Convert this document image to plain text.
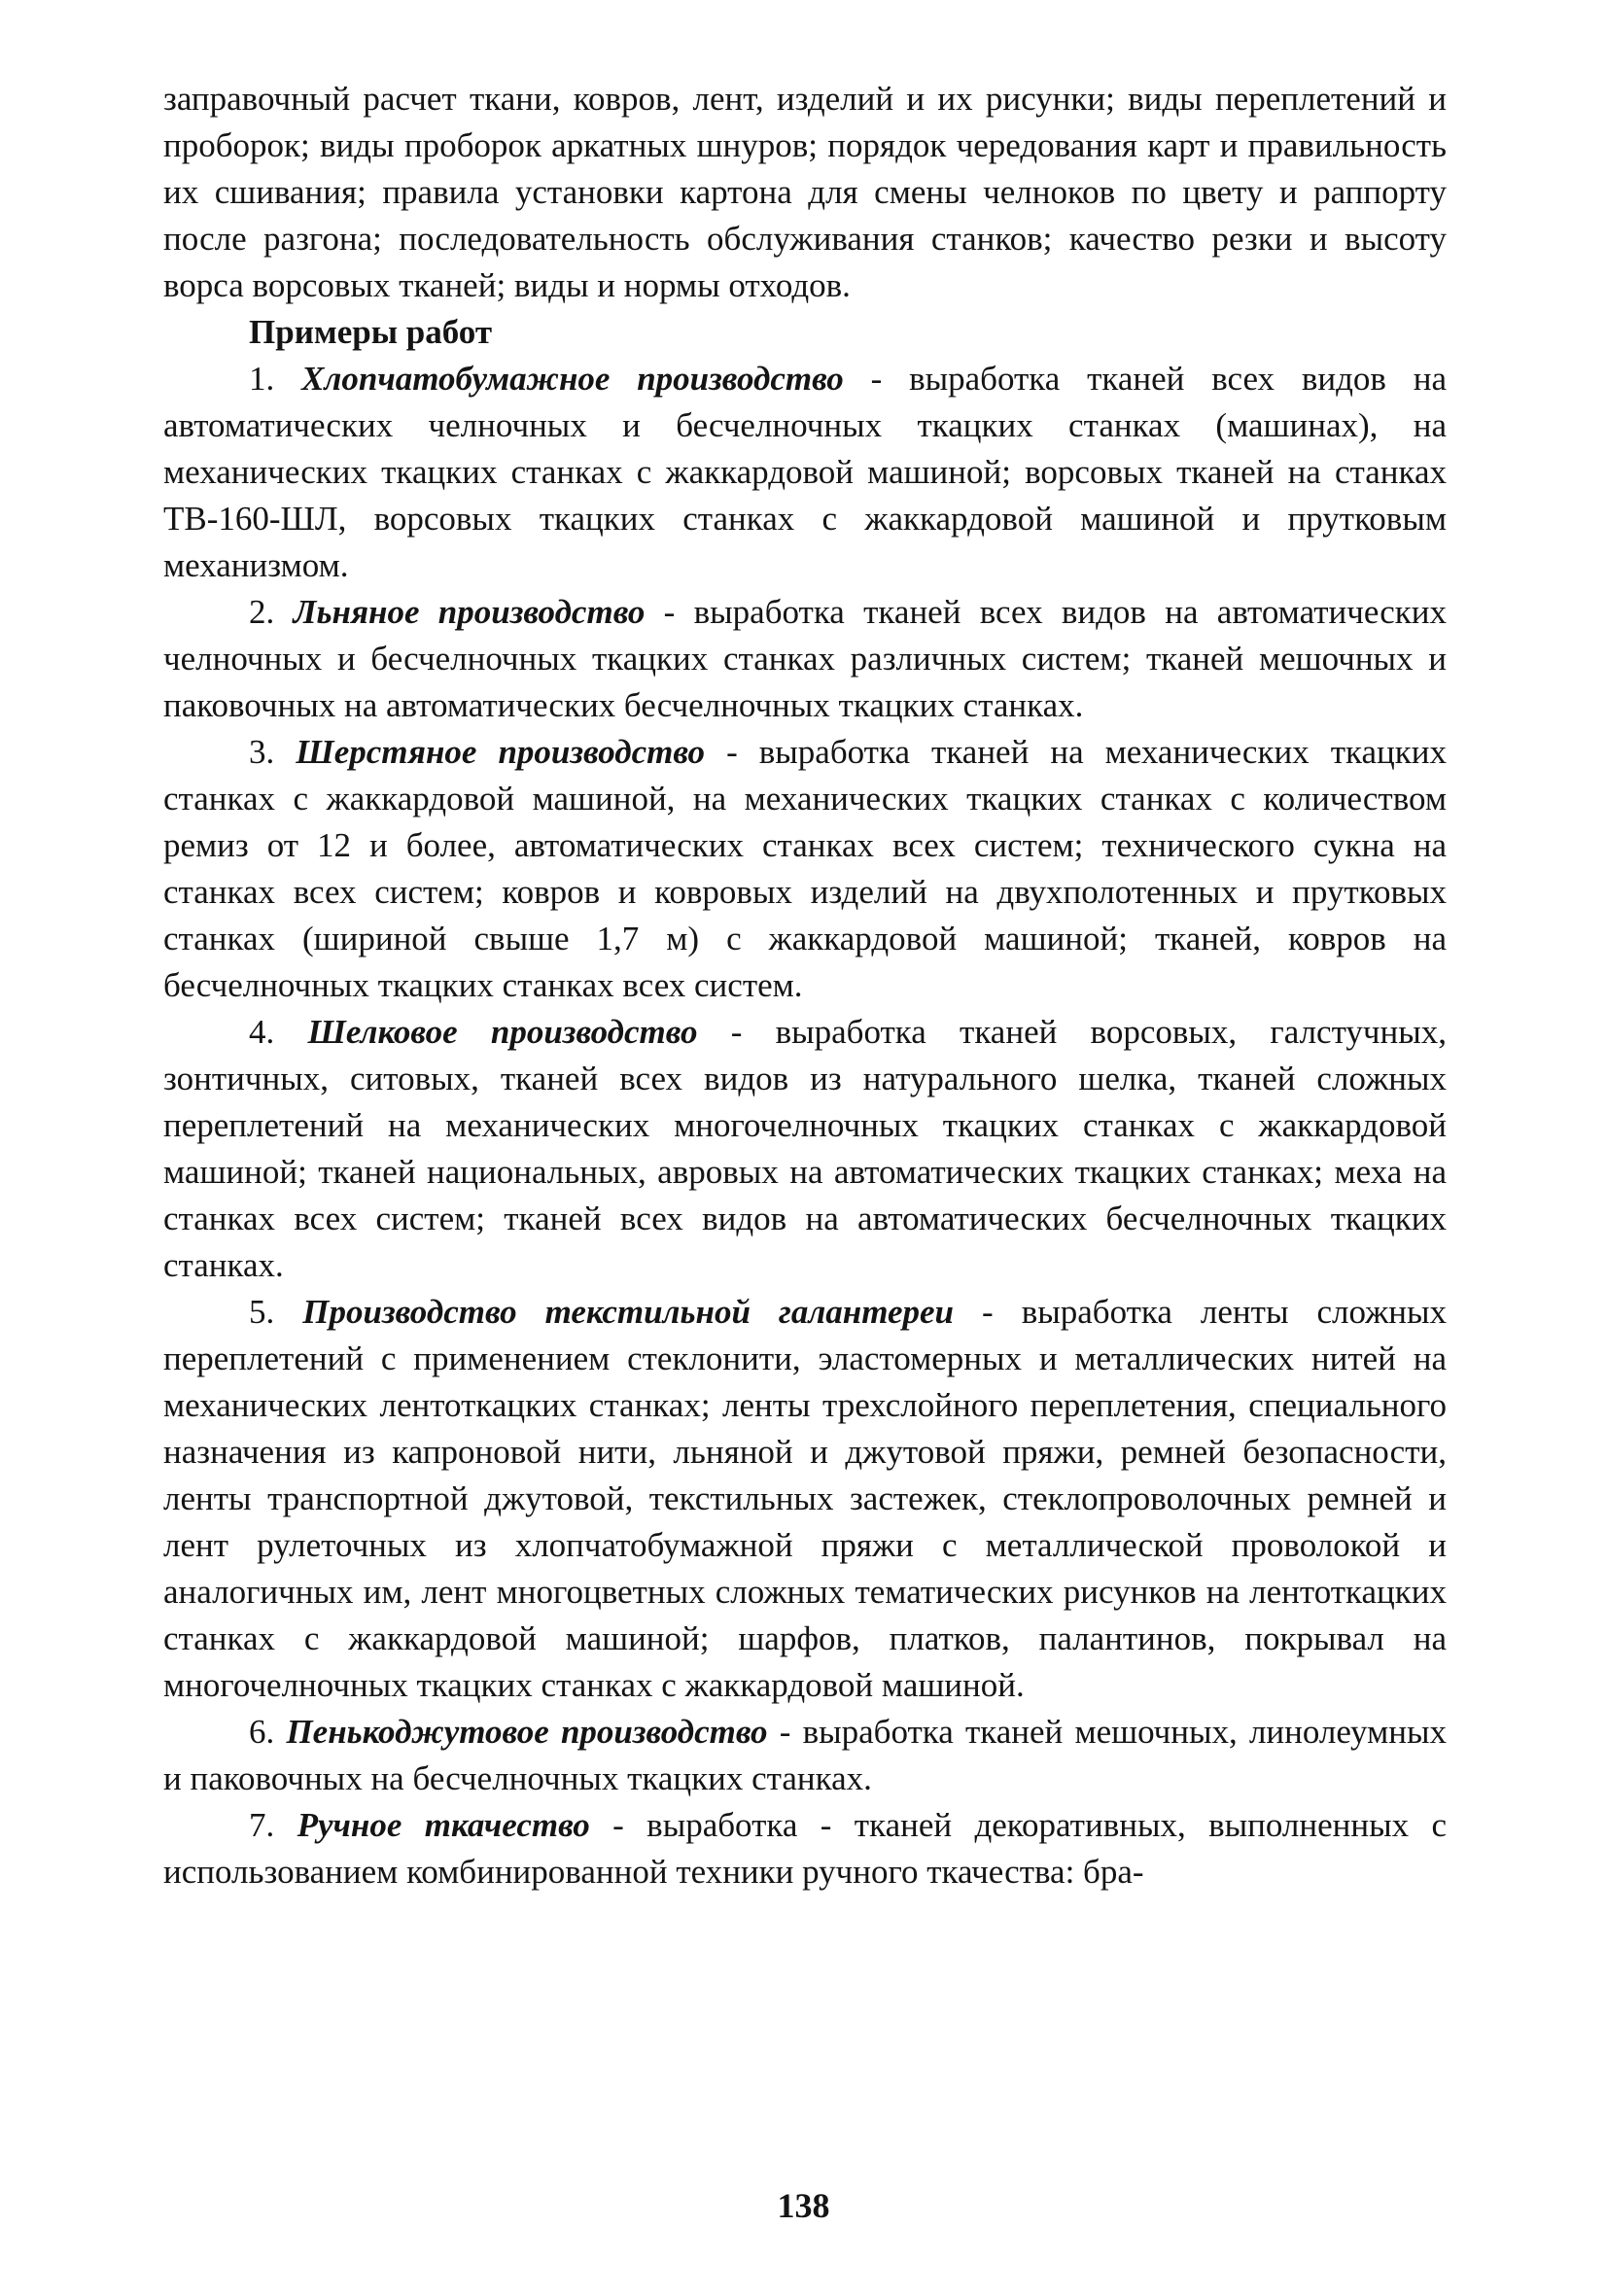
заправочный расчет ткани, ковров, лент, изделий и их рисунки; виды переплетений и проборок; виды проборок аркатных шнуров; порядок чередования карт и правильность их сшивания; правила установки картона для смены челноков по цвету и раппорту после разгона; последовательность обслуживания станков; качество резки и высоту ворса ворсовых тканей; виды и нормы отходов.

Примеры работ

1. Хлопчатобумажное производство - выработка тканей всех видов на автоматических челночных и бесчелночных ткацких станках (машинах), на механических ткацких станках с жаккардовой машиной; ворсовых тканей на станках ТВ-160-ШЛ, ворсовых ткацких станках с жаккардовой машиной и прутковым механизмом.

2. Льняное производство - выработка тканей всех видов на автоматических челночных и бесчелночных ткацких станках различных систем; тканей мешочных и паковочных на автоматических бесчелночных ткацких станках.

3. Шерстяное производство - выработка тканей на механических ткацких станках с жаккардовой машиной, на механических ткацких станках с количеством ремиз от 12 и более, автоматических станках всех систем; технического сукна на станках всех систем; ковров и ковровых изделий на двухполотенных и прутковых станках (шириной свыше 1,7 м) с жаккардовой машиной; тканей, ковров на бесчелночных ткацких станках всех систем.

4. Шелковое производство - выработка тканей ворсовых, галстучных, зонтичных, ситовых, тканей всех видов из натурального шелка, тканей сложных переплетений на механических многочелночных ткацких станках с жаккардовой машиной; тканей национальных, авровых на автоматических ткацких станках; меха на станках всех систем; тканей всех видов на автоматических бесчелночных ткацких станках.

5. Производство текстильной галантереи - выработка ленты сложных переплетений с применением стеклонити, эластомерных и металлических нитей на механических лентоткацких станках; ленты трехслойного переплетения, специального назначения из капроновой нити, льняной и джутовой пряжи, ремней безопасности, ленты транспортной джутовой, текстильных застежек, стеклопроволочных ремней и лент рулеточных из хлопчатобумажной пряжи с металлической проволокой и аналогичных им, лент многоцветных сложных тематических рисунков на лентоткацких станках с жаккардовой машиной; шарфов, платков, палантинов, покрывал на многочелночных ткацких станках с жаккардовой машиной.

6. Пенькоджутовое производство - выработка тканей мешочных, линолеумных и паковочных на бесчелночных ткацких станках.

7. Ручное ткачество - выработка - тканей декоративных, выполненных с использованием комбинированной техники ручного ткачества: бра-

138
